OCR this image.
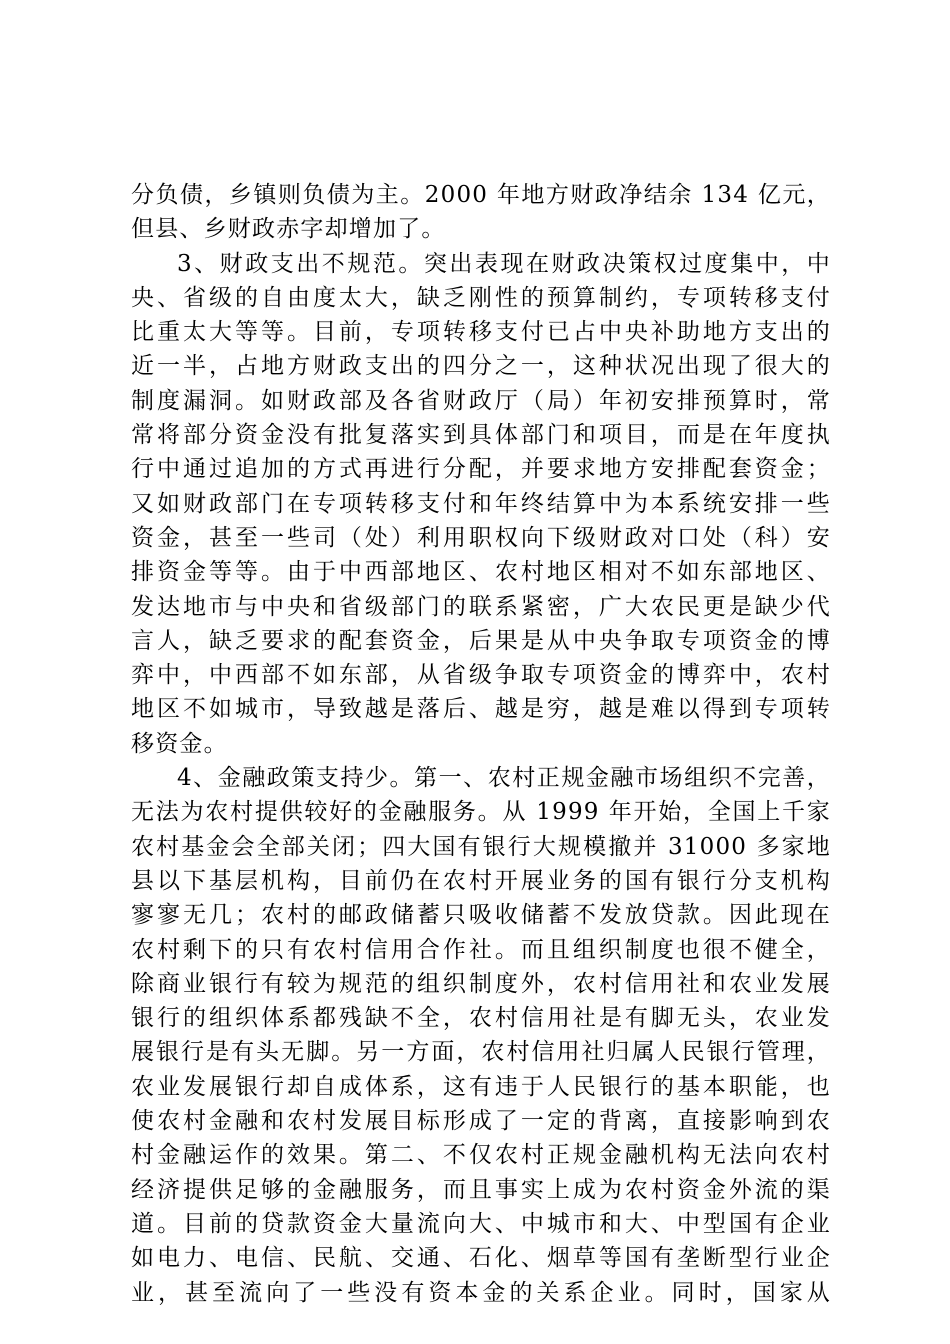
分负债，乡镇则负债为主。2000 年地方财政净结余 134 亿元，
但县、乡财政赤字却增加了。
3、财政支出不规范。突出表现在财政决策权过度集中，中
央、省级的自由度太大，缺乏刚性的预算制约，专项转移支付
比重太大等等。目前，专项转移支付已占中央补助地方支出的
近一半，占地方财政支出的四分之一，这种状况出现了很大的
制度漏洞。如财政部及各省财政厅（局）年初安排预算时，常
常将部分资金没有批复落实到具体部门和项目，而是在年度执
行中通过追加的方式再进行分配，并要求地方安排配套资金；
又如财政部门在专项转移支付和年终结算中为本系统安排一些
资金，甚至一些司（处）利用职权向下级财政对口处（科）安
排资金等等。由于中西部地区、农村地区相对不如东部地区、
发达地市与中央和省级部门的联系紧密，广大农民更是缺少代
言人，缺乏要求的配套资金，后果是从中央争取专项资金的博
弈中，中西部不如东部，从省级争取专项资金的博弈中，农村
地区不如城市，导致越是落后、越是穷，越是难以得到专项转
移资金。
4、金融政策支持少。第一、农村正规金融市场组织不完善，
无法为农村提供较好的金融服务。从 1999 年开始，全国上千家
农村基金会全部关闭；四大国有银行大规模撤并 31000 多家地
县以下基层机构，目前仍在农村开展业务的国有银行分支机构
寥寥无几；农村的邮政储蓄只吸收储蓄不发放贷款。因此现在
农村剩下的只有农村信用合作社。而且组织制度也很不健全，
除商业银行有较为规范的组织制度外，农村信用社和农业发展
银行的组织体系都残缺不全，农村信用社是有脚无头，农业发
展银行是有头无脚。另一方面，农村信用社归属人民银行管理，
农业发展银行却自成体系，这有违于人民银行的基本职能，也
使农村金融和农村发展目标形成了一定的背离，直接影响到农
村金融运作的效果。第二、不仅农村正规金融机构无法向农村
经济提供足够的金融服务，而且事实上成为农村资金外流的渠
道。目前的贷款资金大量流向大、中城市和大、中型国有企业
如电力、电信、民航、交通、石化、烟草等国有垄断型行业企
业，甚至流向了一些没有资本金的关系企业。同时，国家从
